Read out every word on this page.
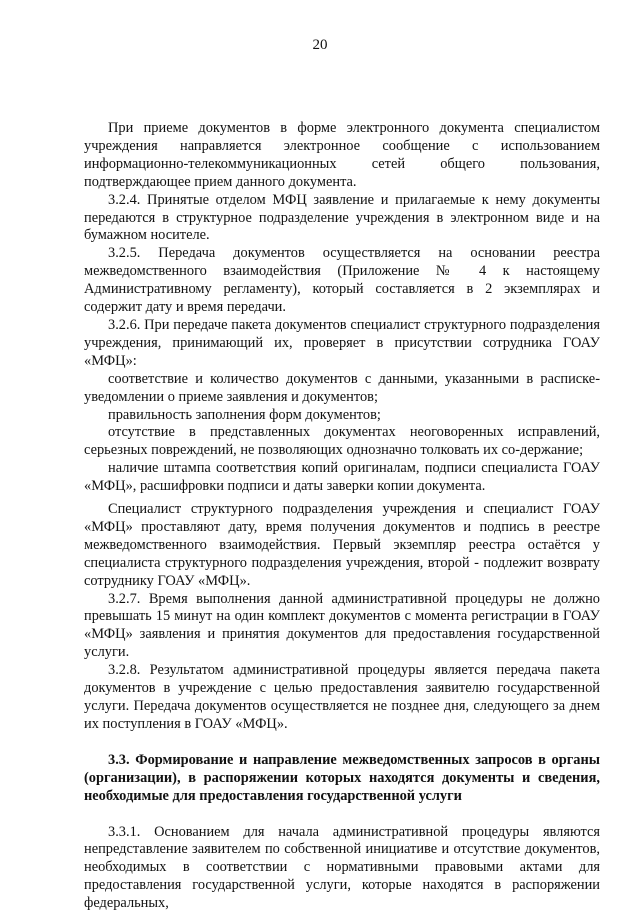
20

При приеме документов в форме электронного документа специалистом учреждения направляется электронное сообщение с использованием информационно-телекоммуникационных сетей общего пользования, подтверждающее прием данного документа.

3.2.4. Принятые отделом МФЦ заявление и прилагаемые к нему документы передаются в структурное подразделение учреждения в электронном виде и на бумажном носителе.

3.2.5. Передача документов осуществляется на основании реестра межведомственного взаимодействия (Приложение № 4 к настоящему Административному регламенту), который составляется в 2 экземплярах и содержит дату и время передачи.

3.2.6. При передаче пакета документов специалист структурного подразделения учреждения, принимающий их, проверяет в присутствии сотрудника ГОАУ «МФЦ»:

соответствие и количество документов с данными, указанными в расписке-уведомлении о приеме заявления и документов;

правильность заполнения форм документов;

отсутствие в представленных документах неоговоренных исправлений, серьезных повреждений, не позволяющих однозначно толковать их со-держание;

наличие штампа соответствия копий оригиналам, подписи специалиста ГОАУ «МФЦ», расшифровки подписи и даты заверки копии документа.

Специалист структурного подразделения учреждения и специалист ГОАУ «МФЦ» проставляют дату, время получения документов и подпись в реестре межведомственного взаимодействия. Первый экземпляр реестра остаётся у специалиста структурного подразделения учреждения, второй - подлежит возврату сотруднику ГОАУ «МФЦ».

3.2.7. Время выполнения данной административной процедуры не должно превышать 15 минут на один комплект документов с момента регистрации в ГОАУ «МФЦ» заявления и принятия документов для предоставления государственной услуги.

3.2.8. Результатом административной процедуры является передача пакета документов в учреждение с целью предоставления заявителю государственной услуги. Передача документов осуществляется не позднее дня, следующего за днем их поступления в ГОАУ «МФЦ».

3.3. Формирование и направление межведомственных запросов в органы (организации), в распоряжении которых находятся документы и сведения, необходимые для предоставления государственной услуги

3.3.1. Основанием для начала административной процедуры являются непредставление заявителем по собственной инициативе и отсутствие документов, необходимых в соответствии с нормативными правовыми актами для предоставления государственной услуги, которые находятся в распоряжении федеральных,
